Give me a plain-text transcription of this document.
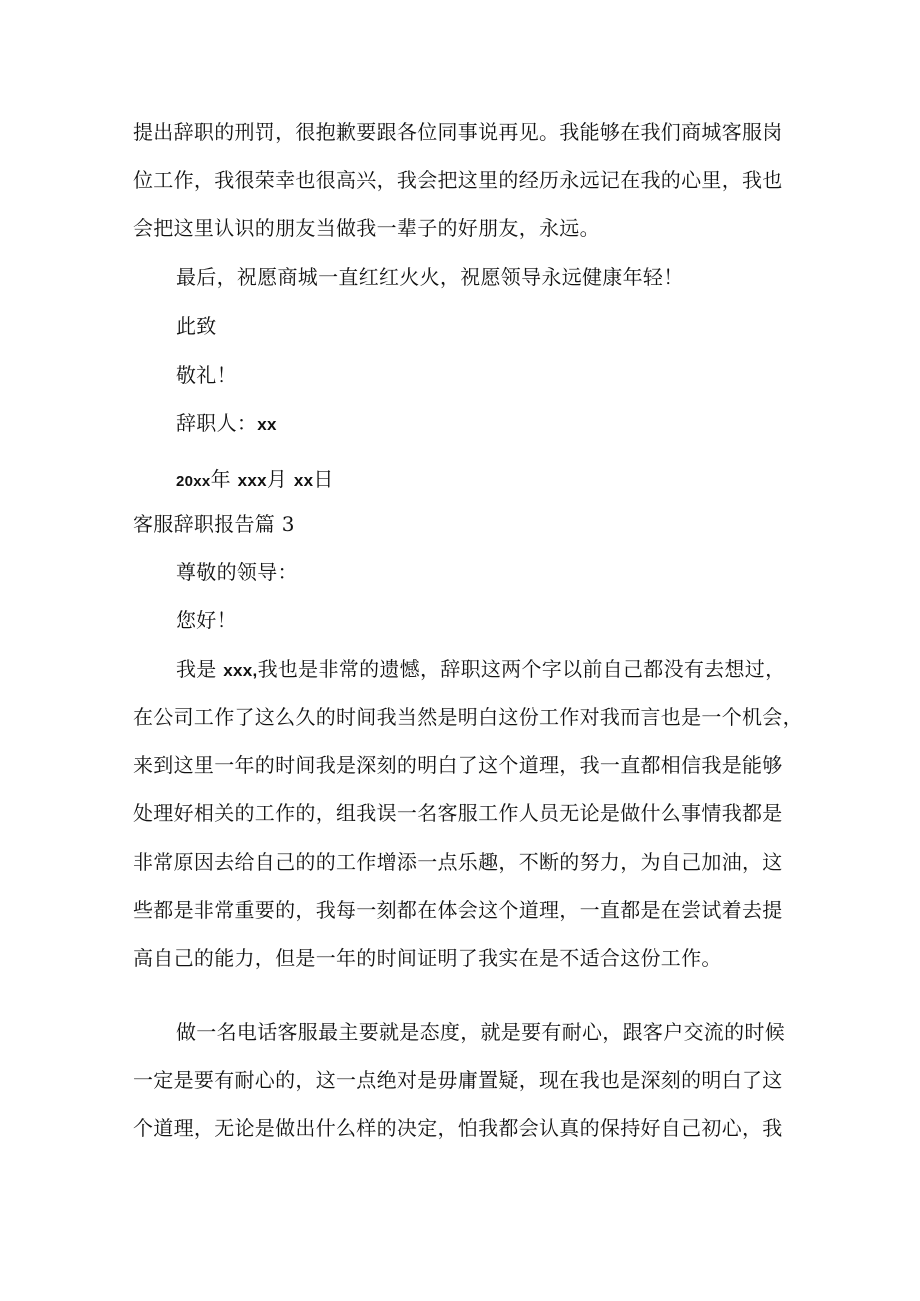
提出辞职的刑罚，很抱歉要跟各位同事说再见。我能够在我们商城客服岗
位工作，我很荣幸也很高兴，我会把这里的经历永远记在我的心里，我也
会把这里认识的朋友当做我一辈子的好朋友，永远。
最后，祝愿商城一直红红火火，祝愿领导永远健康年轻！
此致
敬礼！
辞职人：xx
20xx年 xxx月 xx日
客服辞职报告篇 3
尊敬的领导：
您好！
我是 xxx,我也是非常的遗憾，辞职这两个字以前自己都没有去想过，
在公司工作了这么久的时间我当然是明白这份工作对我而言也是一个机会，
来到这里一年的时间我是深刻的明白了这个道理，我一直都相信我是能够
处理好相关的工作的，组我误一名客服工作人员无论是做什么事情我都是
非常原因去给自己的的工作增添一点乐趣，不断的努力，为自己加油，这
些都是非常重要的，我每一刻都在体会这个道理，一直都是在尝试着去提
高自己的能力，但是一年的时间证明了我实在是不适合这份工作。
做一名电话客服最主要就是态度，就是要有耐心，跟客户交流的时候
一定是要有耐心的，这一点绝对是毋庸置疑，现在我也是深刻的明白了这
个道理，无论是做出什么样的决定，怕我都会认真的保持好自己初心，我
